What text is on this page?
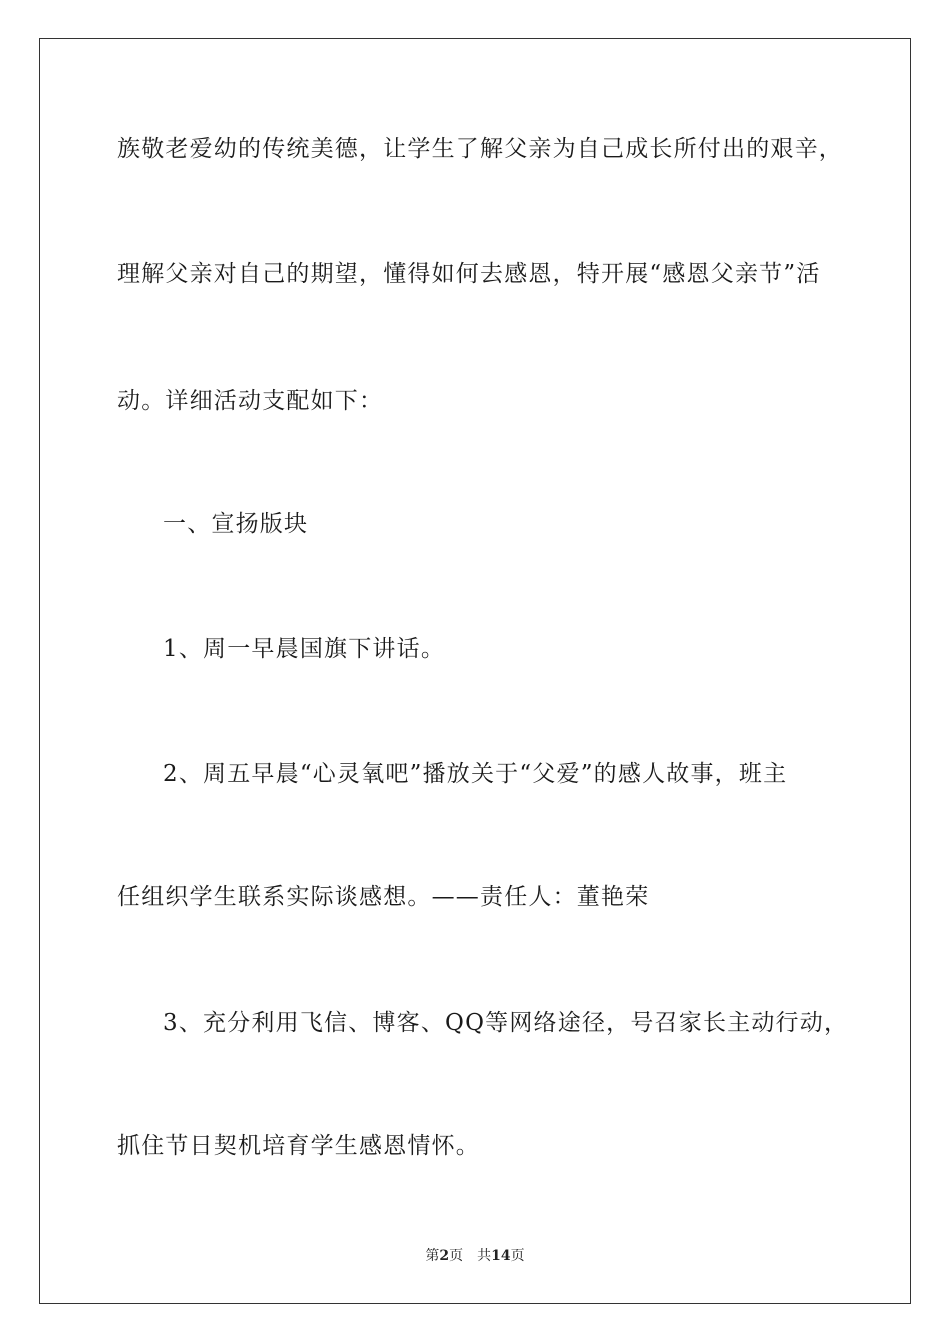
族敬老爱幼的传统美德，让学生了解父亲为自己成长所付出的艰辛，
理解父亲对自己的期望，懂得如何去感恩，特开展“感恩父亲节”活
动。详细活动支配如下：
一、宣扬版块
1、周一早晨国旗下讲话。
2、周五早晨“心灵氧吧”播放关于“父爱”的感人故事，班主
任组织学生联系实际谈感想。——责任人：董艳荣
3、充分利用飞信、博客、QQ等网络途径，号召家长主动行动，
抓住节日契机培育学生感恩情怀。
第2页 共14页
